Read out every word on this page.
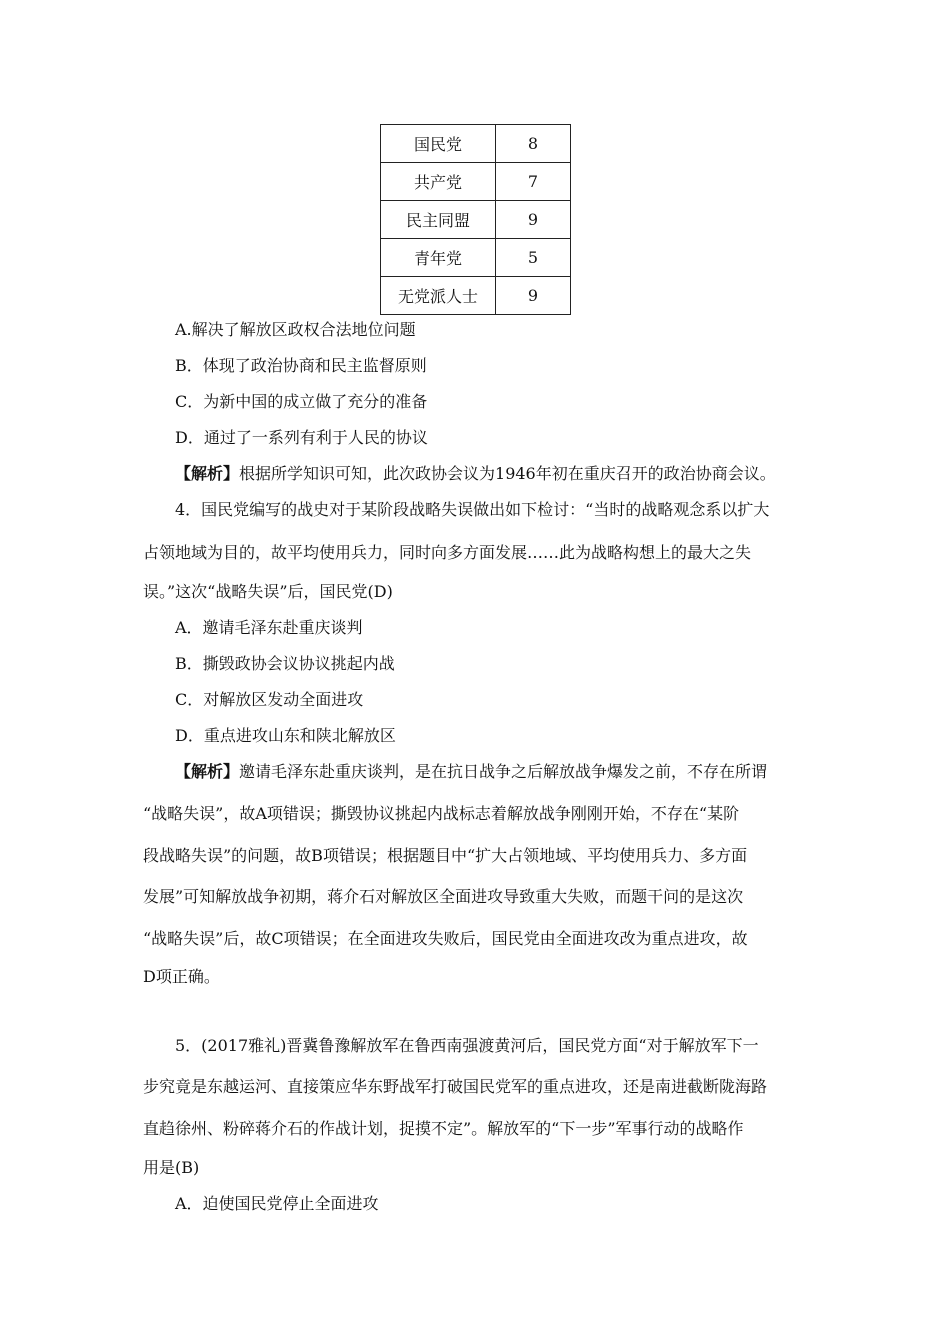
国民党	8
共产党	7
民主同盟	9
青年党	5
无党派人士	9
A.解决了解放区政权合法地位问题
B．体现了政治协商和民主监督原则
C．为新中国的成立做了充分的准备
D．通过了一系列有利于人民的协议
【解析】根据所学知识可知，此次政协会议为1946年初在重庆召开的政治协商会议。
4．国民党编写的战史对于某阶段战略失误做出如下检讨：“当时的战略观念系以扩大
占领地域为目的，故平均使用兵力，同时向多方面发展……此为战略构想上的最大之失
误。”这次“战略失误”后，国民党(D)
A．邀请毛泽东赴重庆谈判
B．撕毁政协会议协议挑起内战
C．对解放区发动全面进攻
D．重点进攻山东和陕北解放区
【解析】邀请毛泽东赴重庆谈判，是在抗日战争之后解放战争爆发之前，不存在所谓
“战略失误”，故A项错误；撕毁协议挑起内战标志着解放战争刚刚开始，不存在“某阶
段战略失误”的问题，故B项错误；根据题目中“扩大占领地域、平均使用兵力、多方面
发展”可知解放战争初期，蒋介石对解放区全面进攻导致重大失败，而题干问的是这次
“战略失误”后，故C项错误；在全面进攻失败后，国民党由全面进攻改为重点进攻，故
D项正确。
5．(2017雅礼)晋冀鲁豫解放军在鲁西南强渡黄河后，国民党方面“对于解放军下一
步究竟是东越运河、直接策应华东野战军打破国民党军的重点进攻，还是南进截断陇海路
直趋徐州、粉碎蒋介石的作战计划，捉摸不定”。解放军的“下一步”军事行动的战略作
用是(B)
A．迫使国民党停止全面进攻
